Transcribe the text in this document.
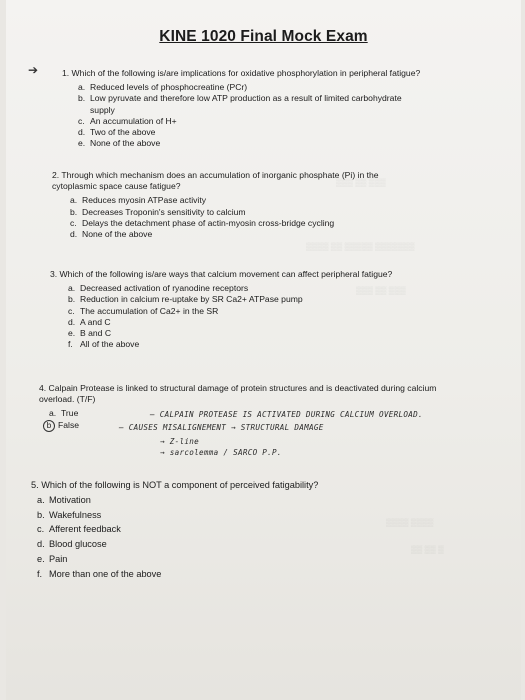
▒▒▒ ▒▒ ▒▒▒
▒▒▒▒ ▒▒ ▒▒▒▒▒ ▒▒▒▒▒▒▒
▒▒▒ ▒▒ ▒▒▒
▒▒▒▒ ▒▒▒▒
▒▒ ▒▒ ▒
KINE 1020 Final Mock Exam
➔	1. Which of the following is/are implications for oxidative phosphorylation in peripheral fatigue?

a. Reduced levels of phosphocreatine (PCr)
b. Low pyruvate and therefore low ATP production as a result of limited carbohydrate supply
c. An accumulation of H+
d. Two of the above
e. None of the above

2. Through which mechanism does an accumulation of inorganic phosphate (Pi) in the cytoplasmic space cause fatigue?

a. Reduces myosin ATPase activity
b. Decreases Troponin's sensitivity to calcium
c. Delays the detachment phase of actin-myosin cross-bridge cycling
d. None of the above

3. Which of the following is/are ways that calcium movement can affect peripheral fatigue?

a. Decreased activation of ryanodine receptors
b. Reduction in calcium re-uptake by SR Ca2+ ATPase pump
c. The accumulation of Ca2+ in the SR
d. A and C
e. B and C
f. All of the above

4. Calpain Protease is linked to structural damage of protein structures and is deactivated during calcium overload. (T/F)

a. True
b False
— CALPAIN PROTEASE IS ACTIVATED DURING CALCIUM OVERLOAD.
— CAUSES MISALIGNEMENT → STRUCTURAL DAMAGE
→ Z-line
→ sarcolemma / SARCO P.P.

5. Which of the following is NOT a component of perceived fatigability?

a. Motivation
b. Wakefulness
c. Afferent feedback
d. Blood glucose
e. Pain
f. More than one of the above
